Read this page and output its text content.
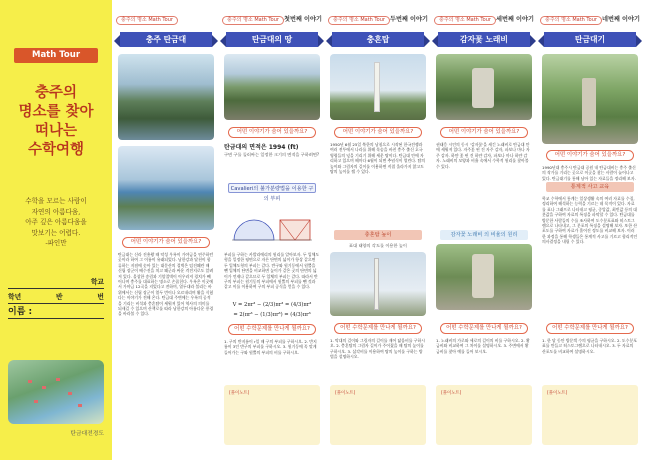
Math Tour
충주의
명소를 찾아
떠나는
수학여행
수학을 모르는 사람이
자연의 아름다움,
아주 깊은 아름다움을
맛보기는 어렵다.
-파인만
학교
학년	반	번
이름 :
탄금대전경도
충주의 명소 Math Tour
충주 탄금대
어떤 이야기가 숨어 있을까요?
탄금대는 신라 진흥왕 때 악성 우륵이 가야금을 연주하던 곳이라 하여 그 이름이 유래되었다. 남한강과 달천이 합류하는 지점에 솟아 있는 대문산의 절벽은 임진왜란 때 신립 장군이 배수진을 치고 왜군과 싸운 격전지로도 알려져 있다. 울창한 송림과 기암절벽이 어우러져 경치가 빼어나며 충주를 대표하는 명소로 손꼽힌다. 우륵은 이곳에서 가야금 12곡을 지었다고 전하며, 열두대라 불리는 바위에서는 신립 장군이 열두 번이나 오르내리며 활을 식혔다는 이야기가 전해 온다. 탄금대 주변에는 우륵의 공적을 기리는 비석과 충혼탑이 세워져 있어 역사의 의미를 되새길 수 있으며 산책로를 따라 남한강의 아름다운 풍경을 바라볼 수 있다.
첫번째 이야기
충주의 명소 Math Tour
탄금대의 땅
어떤 이야기가 숨어 있을까요?
탄금대의 면적은 1994 (ft)
구면 구를 둘러싸는 일정한 크기의 면적을 구하려면?
Cavalieri의 불가분량법을 이용한 구의 부피
부피를 구하는 카발리에리의 원리를 알아보자. 두 입체도형을 일정한 평면으로 자른 단면의 넓이가 항상 같으면 두 입체도형의 부피는 같다. 반구와 원기둥에서 원뿔을 뺀 입체의 단면을 비교하면 높이가 같은 곳의 단면의 넓이가 언제나 같으므로 두 입체의 부피는 같다. 따라서 반구의 부피는 원기둥의 부피에서 원뿔의 부피를 뺀 것과 같고 이를 이용하여 구의 부피 공식을 얻을 수 있다.
V = 2πr³ − (2/3)πr³ = (4/3)πr³
= 2(πr³ − (1/3)πr³) = (4/3)πr³
어떤 수학문제를 만나게 될까요?
1. 구의 반지름이 r일 때 구의 부피를 구하시오. 2. 반지름이 3인 반구의 부피를 구하시오. 3. 원기둥에 꼭 맞게 들어가는 구와 원뿔의 부피의 비를 구하시오.
[풀이노트]
두번째 이야기
충주의 명소 Math Tour
충혼탑
어떤 이야기가 숨어 있을까요?
1950년 6월 25일 북한의 남침으로 시작된 한국전쟁과 여러 전투에서 나라를 위해 목숨을 바친 충주 출신 호국영령들의 넋을 기리기 위해 세운 탑이다. 탄금대 안에 자리하고 있으며 해마다 6월이 되면 추념식이 열린다. 탑의 높이와 그림자의 길이를 이용하면 직접 올라가지 않고도 탑의 높이를 잴 수 있다.
충혼탑 높이
표대 태양의 각도를 이용한 높이
어떤 수학문제를 만나게 될까요?
1. 막대의 길이와 그림자의 길이를 재어 닮음비를 구하시오. 2. 충혼탑의 그림자 길이가 주어졌을 때 탑의 높이를 구하시오. 3. 삼각비를 이용하여 탑의 높이를 구하는 방법을 설명하시오.
[풀이노트]
세번째 이야기
충주의 명소 Math Tour
감자꽃 노래비
어떤 이야기가 숨어 있을까요?
권태응 시인의 동시 '감자꽃'을 새긴 노래비로 탄금대 안에 세워져 있다. 자주꽃 핀 건 자주 감자, 파보나 마나 자주 감자. 하얀 꽃 핀 건 하얀 감자, 파보나 마나 하얀 감자. 노래비의 모양과 비율 속에서 수학적 원리를 찾아볼 수 있다.
감자꽃 노래비 의 비율의 원리
어떤 수학문제를 만나게 될까요?
1. 노래비의 가로와 세로의 길이의 비를 구하시오. 2. 황금비와 비교하여 그 차이를 설명하시오. 3. 주변에서 황금비를 찾아 예를 들어 보시오.
[풀이노트]
네번째 이야기
충주의 명소 Math Tour
탄금대기
어떤 이야기가 숨어 있을까요?
1990년대 충주시 탄금대 공원 내 탄금대비는 충주 출신의 작가를 기리는 곳으로 이곳을 찾는 사람이 늘어나고 있다. 탄금대기를 통해 남아 있는 자료들을 정리해 보자.
통계적 사고 교육
학교 수학에서 통계는 일상생활 속의 여러 자료를 수집, 정리하여 해석하는 능력을 기르는 데 목적이 있다. 자료를 표나 그래프로 나타내고 평균, 중앙값, 최빈값 등의 대푯값을 구하여 자료의 특징을 파악할 수 있다. 탄금대를 방문한 사람들의 수를 조사하여 도수분포표와 히스토그램으로 나타내고, 그 분포의 특징을 설명해 보자. 또한 산포도를 구하여 자료가 흩어진 정도를 비교해 보자. 이러한 과정을 통해 학생들은 통계적 사고를 기르고 합리적인 의사결정을 내릴 수 있다.
어떤 수학문제를 만나게 될까요?
1. 한 달 동안 방문객 수의 평균을 구하시오. 2. 도수분포표를 만들고 히스토그램으로 나타내시오. 3. 두 자료의 산포도를 비교하여 설명하시오.
[풀이노트]
